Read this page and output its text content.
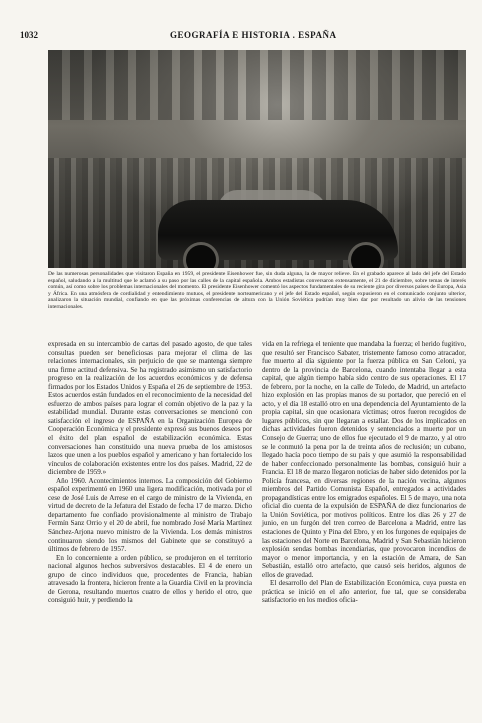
1032	GEOGRAFÍA E HISTORIA . ESPAÑA
De las numerosas personalidades que visitaron España en 1959, el presidente Eisenhower fue, sin duda alguna, la de mayor relieve. En el grabado aparece al lado del jefe del Estado español, saludando a la multitud que le aclamó a su paso por las calles de la capital española. Ambos estadistas conversaron extensamente, el 21 de diciembre, sobre temas de interés común, así como sobre los problemas internacionales del momento. El presidente Eisenhower comentó los aspectos fundamentales de su reciente gira por diversos países de Europa, Asia y África. En una atmósfera de cordialidad y entendimiento mutuos, el presidente norteamericano y el jefe del Estado español, según expusieron en el comunicado conjunto ulterior, analizaron la situación mundial, confiando en que las próximas conferencias de altura con la Unión Soviética pudrían muy bien dar por resultado un alivio de las tensiones internacionales.

expresada en su intercambio de cartas del pasado agosto, de que tales consultas pueden ser beneficiosas para mejorar el clima de las relaciones internacionales, sin perjuicio de que se mantenga siempre una firme actitud defensiva. Se ha registrado asimismo un satisfactorio progreso en la realización de los acuerdos económicos y de defensa firmados por los Estados Unidos y España el 26 de septiembre de 1953. Estos acuerdos están fundados en el reconocimiento de la necesidad del esfuerzo de ambos países para lograr el común objetivo de la paz y la estabilidad mundial. Durante estas conversaciones se mencionó con satisfacción el ingreso de ESPAÑA en la Organización Europea de Cooperación Económica y el presidente expresó sus buenos deseos por el éxito del plan español de estabilización económica. Estas conversaciones han constituido una nueva prueba de los amistosos lazos que unen a los pueblos español y americano y han fortalecido los vínculos de colaboración existentes entre los dos países. Madrid, 22 de diciembre de 1959.»

Año 1960. Acontecimientos internos. La composición del Gobierno español experimentó en 1960 una ligera modificación, motivada por el cese de José Luis de Arrese en el cargo de ministro de la Vivienda, en virtud de decreto de la Jefatura del Estado de fecha 17 de marzo. Dicho departamento fue confiado provisionalmente al ministro de Trabajo Fermín Sanz Orrio y el 20 de abril, fue nombrado José María Martínez Sánchez-Arjona nuevo ministro de la Vivienda. Los demás ministros continuaron siendo los mismos del Gabinete que se constituyó a últimos de febrero de 1957.

En lo concerniente a orden público, se produjeron en el territorio nacional algunos hechos subversivos destacables. El 4 de enero un grupo de cinco individuos que, procedentes de Francia, habían atravesado la frontera, hicieron frente a la Guardia Civil en la provincia de Gerona, resultando muertos cuatro de ellos y herido el otro, que consiguió huir, y perdiendo la

vida en la refriega el teniente que mandaba la fuerza; el herido fugitivo, que resultó ser Francisco Sabater, tristemente famoso como atracador, fue muerto al día siguiente por la fuerza pública en San Celoni, ya dentro de la provincia de Barcelona, cuando intentaba llegar a esta capital, que algún tiempo había sido centro de sus operaciones. El 17 de febrero, por la noche, en la calle de Toledo, de Madrid, un artefacto hizo explosión en las propias manos de su portador, que pereció en el acto, y el día 18 estalló otro en una dependencia del Ayuntamiento de la propia capital, sin que ocasionara víctimas; otros fueron recogidos de lugares públicos, sin que llegaran a estallar. Dos de los implicados en dichas actividades fueron detenidos y sentenciados a muerte por un Consejo de Guerra; uno de ellos fue ejecutado el 9 de marzo, y al otro se le conmutó la pena por la de treinta años de reclusión; un cubano, llegado hacía poco tiempo de su país y que asumió la responsabilidad de haber confeccionado personalmente las bombas, consiguió huir a Francia. El 18 de marzo llegaron noticias de haber sido detenidos por la Policía francesa, en diversas regiones de la nación vecina, algunos miembros del Partido Comunista Español, entregados a actividades propagandísticas entre los emigrados españoles. El 5 de mayo, una nota oficial dio cuenta de la expulsión de ESPAÑA de diez funcionarios de la Unión Soviética, por motivos políticos. Entre los días 26 y 27 de junio, en un furgón del tren correo de Barcelona a Madrid, entre las estaciones de Quinto y Pina del Ebro, y en los furgones de equipajes de las estaciones del Norte en Barcelona, Madrid y San Sebastián hicieron explosión sendas bombas incendiarias, que provocaron incendios de mayor o menor importancia, y en la estación de Amara, de San Sebastián, estalló otro artefacto, que causó seis heridos, algunos de ellos de gravedad.

El desarrollo del Plan de Estabilización Económica, cuya puesta en práctica se inició en el año anterior, fue tal, que se consideraba satisfactorio en los medios oficia-
